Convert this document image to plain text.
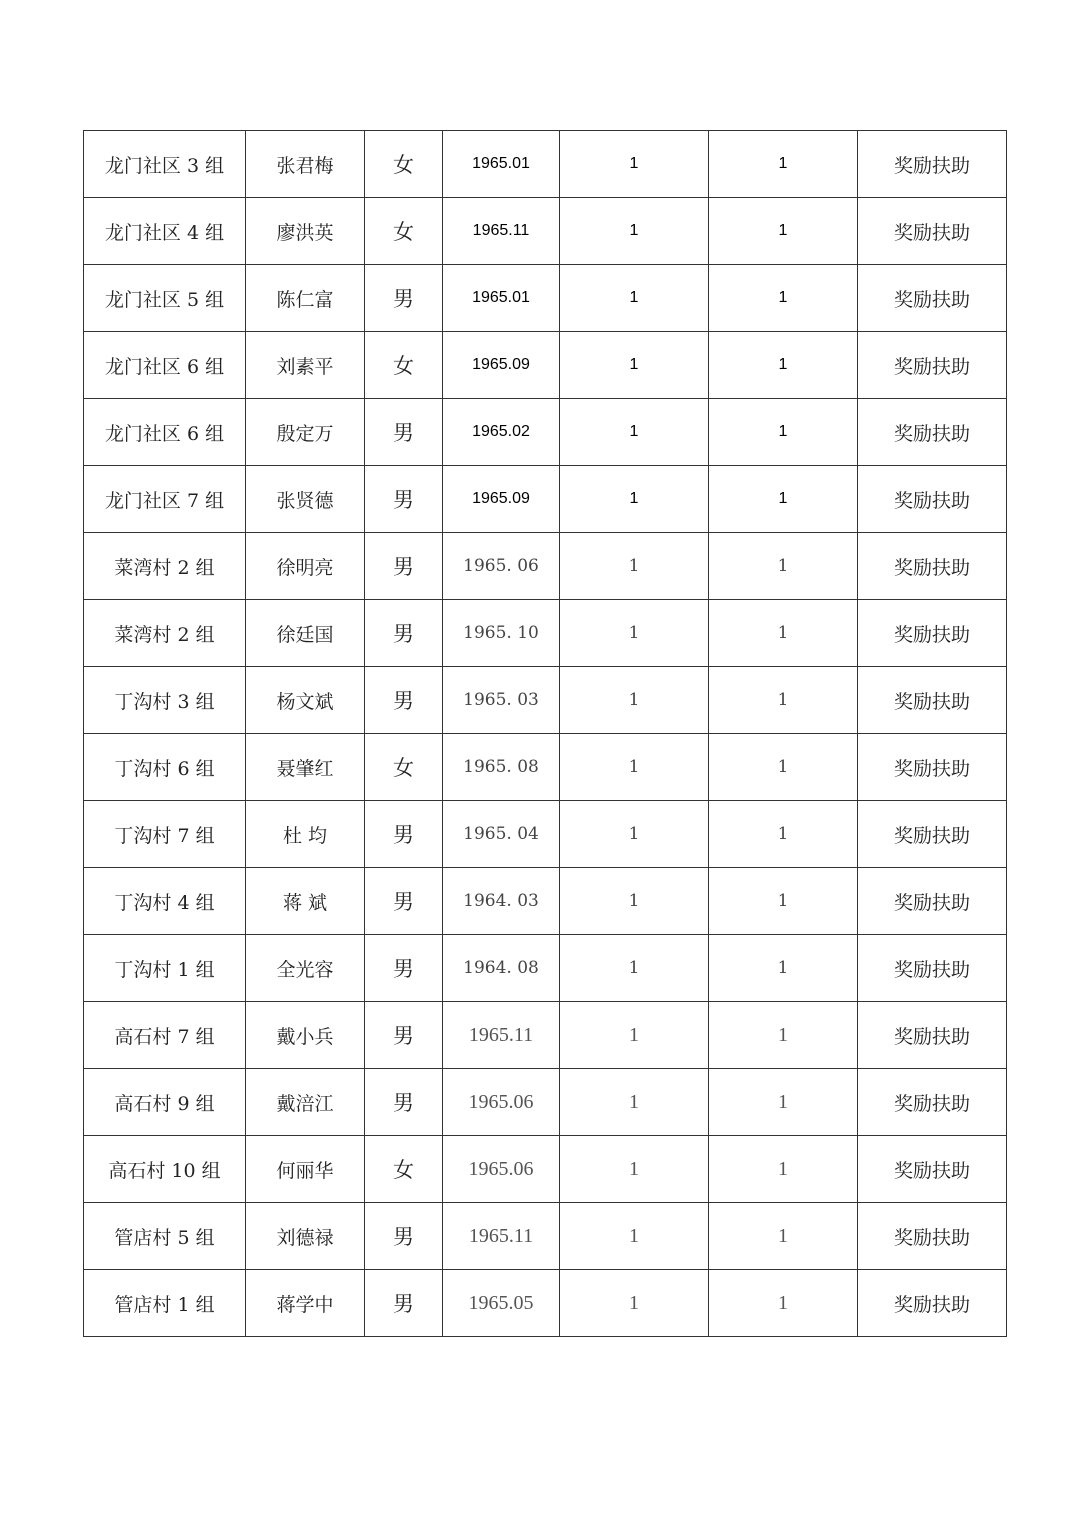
龙门社区 3 组	张君梅	女	1965.01	1	1	奖励扶助
龙门社区 4 组	廖洪英	女	1965.11	1	1	奖励扶助
龙门社区 5 组	陈仁富	男	1965.01	1	1	奖励扶助
龙门社区 6 组	刘素平	女	1965.09	1	1	奖励扶助
龙门社区 6 组	殷定万	男	1965.02	1	1	奖励扶助
龙门社区 7 组	张贤德	男	1965.09	1	1	奖励扶助
菜湾村 2 组	徐明亮	男	1965. 06	1	1	奖励扶助
菜湾村 2 组	徐廷国	男	1965. 10	1	1	奖励扶助
丁沟村 3 组	杨文斌	男	1965. 03	1	1	奖励扶助
丁沟村 6 组	聂肇红	女	1965. 08	1	1	奖励扶助
丁沟村 7 组	杜 均	男	1965. 04	1	1	奖励扶助
丁沟村 4 组	蒋 斌	男	1964. 03	1	1	奖励扶助
丁沟村 1 组	全光容	男	1964. 08	1	1	奖励扶助
高石村 7 组	戴小兵	男	1965.11	1	1	奖励扶助
高石村 9 组	戴涪江	男	1965.06	1	1	奖励扶助
高石村 10 组	何丽华	女	1965.06	1	1	奖励扶助
管店村 5 组	刘德禄	男	1965.11	1	1	奖励扶助
管店村 1 组	蒋学中	男	1965.05	1	1	奖励扶助
